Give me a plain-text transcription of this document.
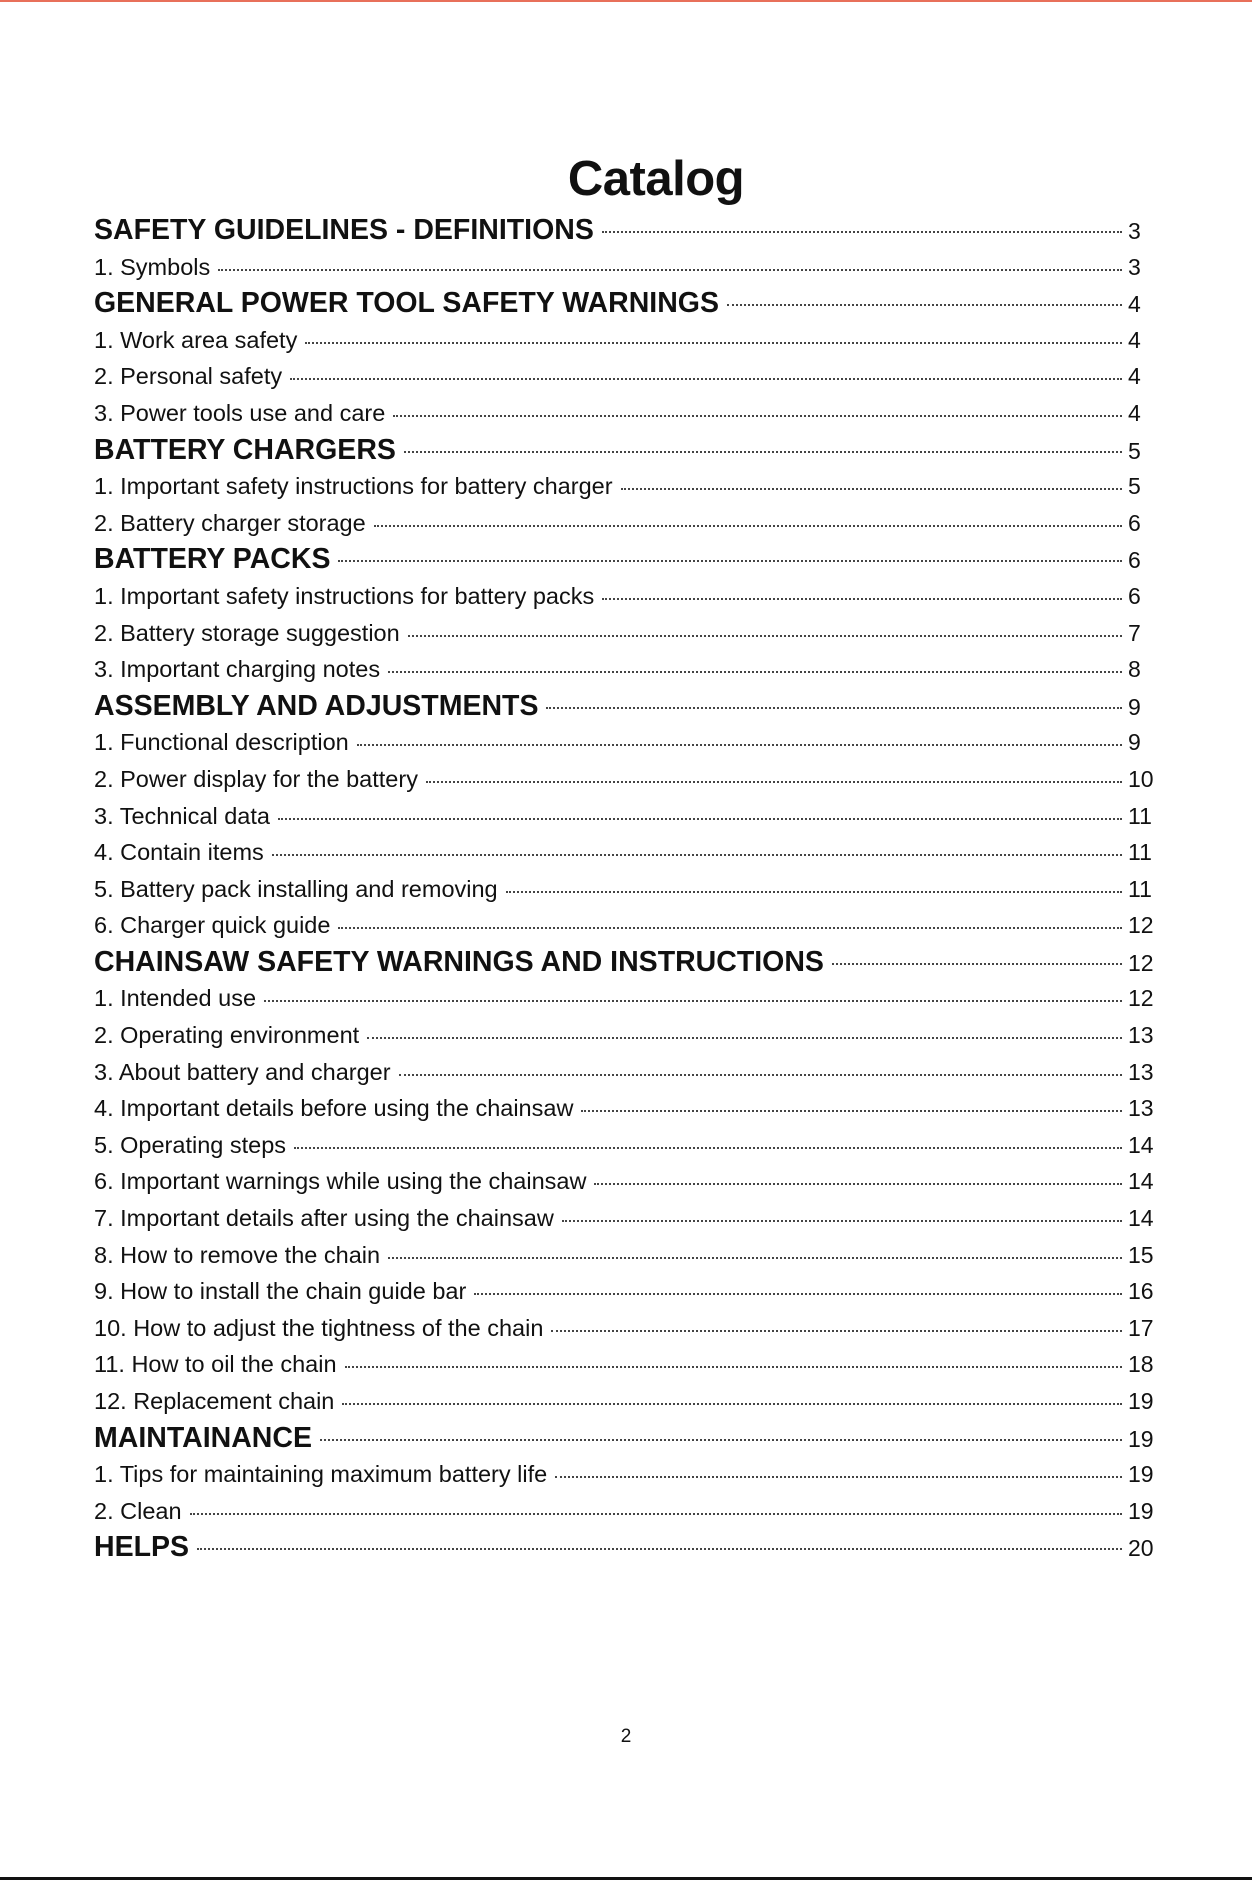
Catalog
SAFETY GUIDELINES - DEFINITIONS	3
1. Symbols	3
GENERAL POWER TOOL SAFETY WARNINGS	4
1. Work area safety	4
2. Personal safety	4
3. Power tools use and care	4
BATTERY CHARGERS	5
1. Important safety instructions for battery charger	5
2. Battery charger storage	6
BATTERY PACKS	6
1. Important safety instructions for battery packs	6
2. Battery storage suggestion	7
3. Important charging notes	8
ASSEMBLY AND ADJUSTMENTS	9
1. Functional description	9
2. Power display for the battery	10
3. Technical data	11
4. Contain items	11
5. Battery pack installing and removing	11
6. Charger quick guide	12
CHAINSAW SAFETY WARNINGS AND INSTRUCTIONS	12
1. Intended use	12
2. Operating environment	13
3. About battery and charger	13
4. Important details before using the chainsaw	13
5. Operating steps	14
6. Important warnings while using the chainsaw	14
7. Important details after using the chainsaw	14
8. How to remove the chain	15
9. How to install the chain guide bar	16
10. How to adjust the tightness of the chain	17
11. How to oil the chain	18
12. Replacement chain	19
MAINTAINANCE	19
1. Tips for maintaining maximum battery life	19
2. Clean	19
HELPS	20
2
